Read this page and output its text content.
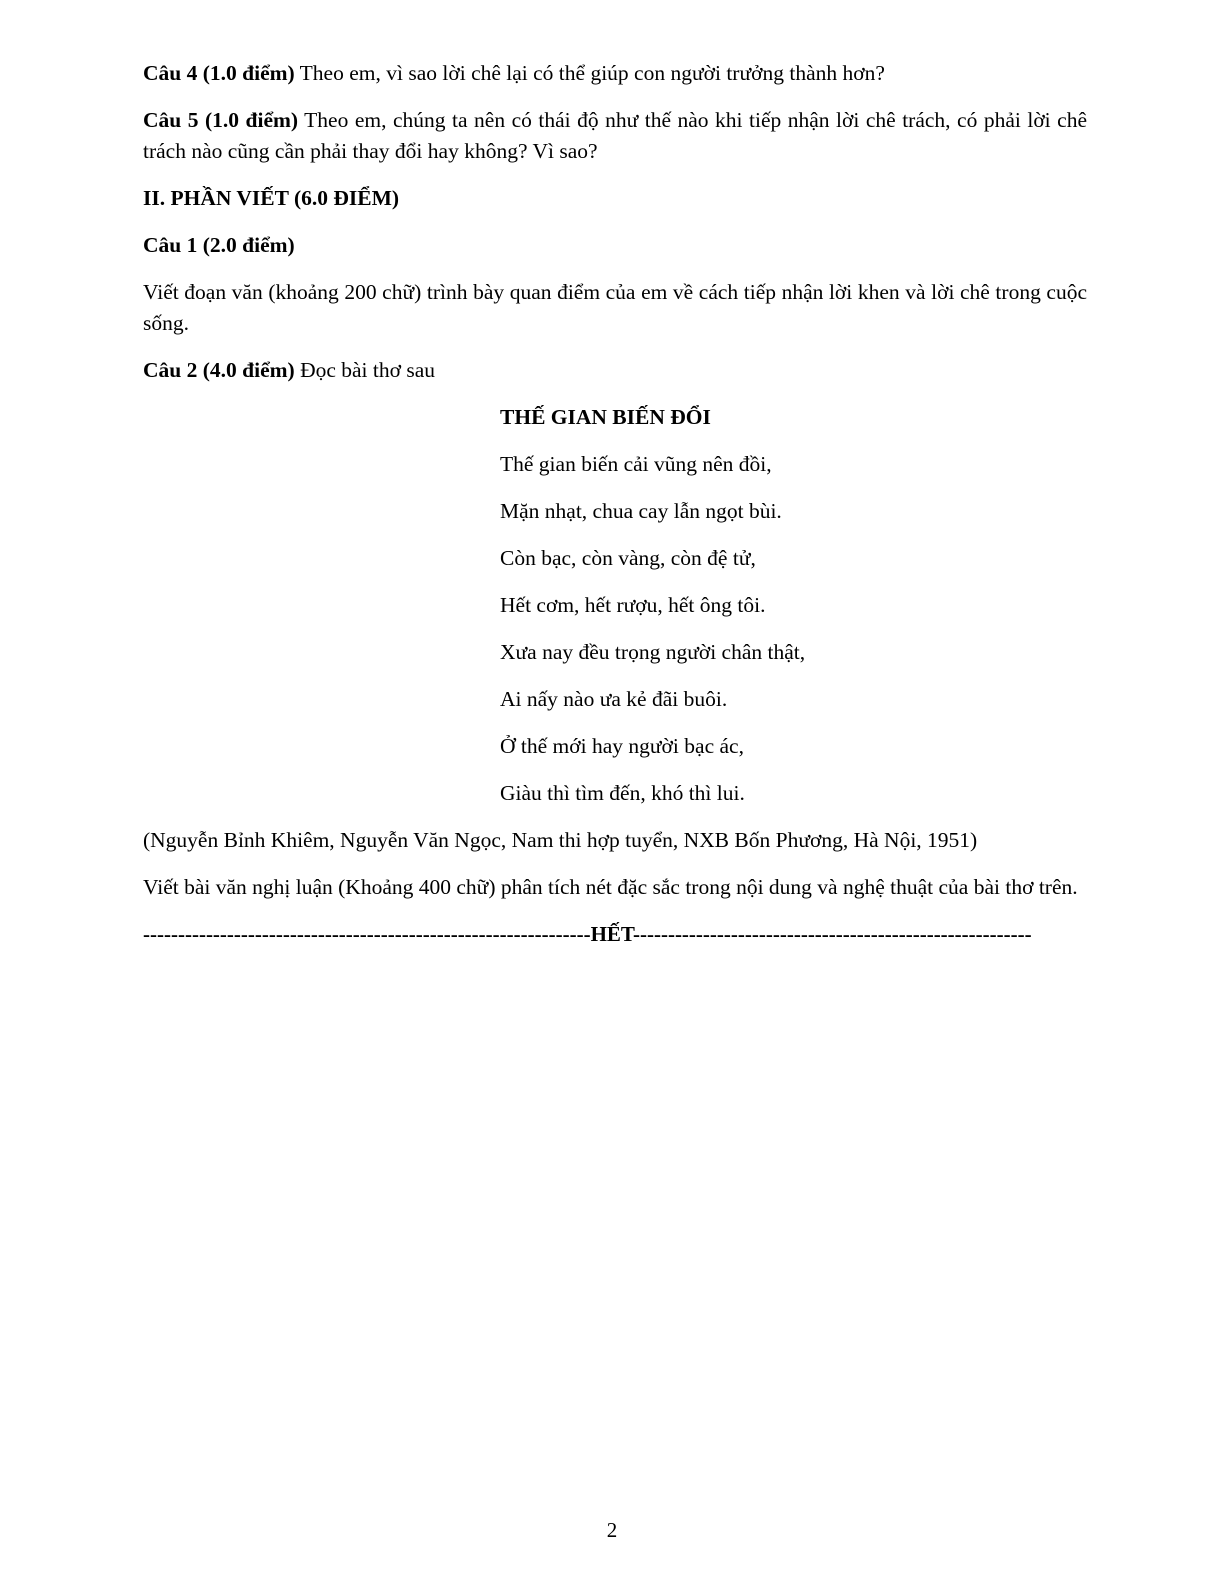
Câu 4 (1.0 điểm) Theo em, vì sao lời chê lại có thể giúp con người trưởng thành hơn?

Câu 5 (1.0 điểm) Theo em, chúng ta nên có thái độ như thế nào khi tiếp nhận lời chê trách, có phải lời chê trách nào cũng cần phải thay đổi hay không? Vì sao?

II. PHẦN VIẾT (6.0 ĐIỂM)

Câu 1 (2.0 điểm)

Viết đoạn văn (khoảng 200 chữ) trình bày quan điểm của em về cách tiếp nhận lời khen và lời chê trong cuộc sống.

Câu 2 (4.0 điểm) Đọc bài thơ sau

THẾ GIAN BIẾN ĐỔI

Thế gian biến cải vũng nên đồi,

Mặn nhạt, chua cay lẫn ngọt bùi.

Còn bạc, còn vàng, còn đệ tử,

Hết cơm, hết rượu, hết ông tôi.

Xưa nay đều trọng người chân thật,

Ai nấy nào ưa kẻ đãi buôi.

Ở thế mới hay người bạc ác,

Giàu thì tìm đến, khó thì lui.

(Nguyễn Bỉnh Khiêm, Nguyễn Văn Ngọc, Nam thi hợp tuyển, NXB Bốn Phương, Hà Nội, 1951)

Viết bài văn nghị luận (Khoảng 400 chữ) phân tích nét đặc sắc trong nội dung và nghệ thuật của bài thơ trên.

----------------------------------------------------------------HẾT---------------------------------------------------------

2
